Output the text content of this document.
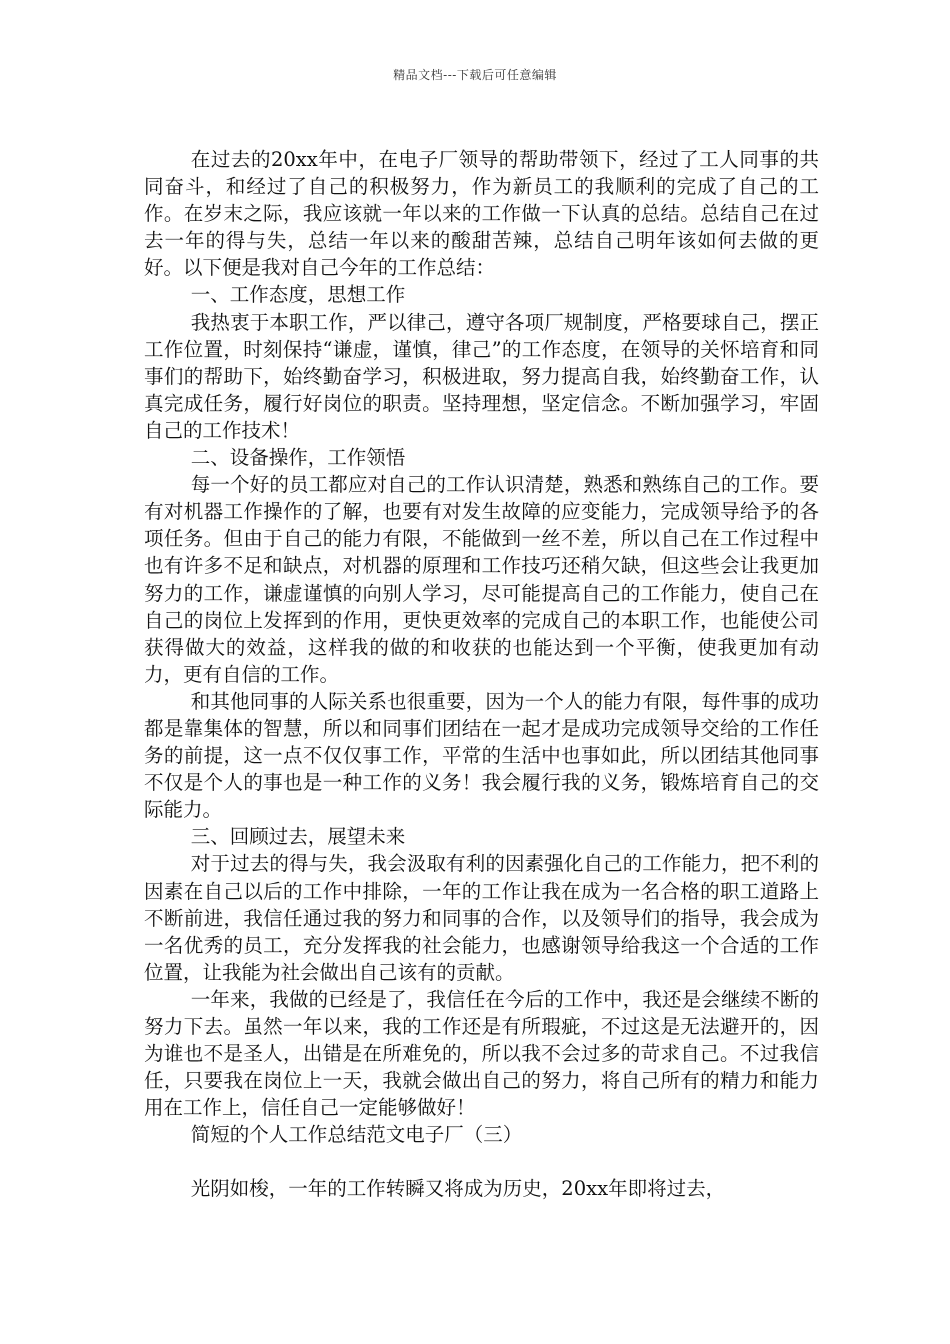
精品文档---下载后可任意编辑

在过去的20xx年中，在电子厂领导的帮助带领下，经过了工人同事的共同奋斗，和经过了自己的积极努力，作为新员工的我顺利的完成了自己的工作。在岁末之际，我应该就一年以来的工作做一下认真的总结。总结自己在过去一年的得与失，总结一年以来的酸甜苦辣，总结自己明年该如何去做的更好。以下便是我对自己今年的工作总结：

一、工作态度，思想工作

我热衷于本职工作，严以律己，遵守各项厂规制度，严格要球自己，摆正工作位置，时刻保持“谦虚，谨慎，律己”的工作态度，在领导的关怀培育和同事们的帮助下，始终勤奋学习，积极进取，努力提高自我，始终勤奋工作，认真完成任务，履行好岗位的职责。坚持理想，坚定信念。不断加强学习，牢固自己的工作技术！

二、设备操作，工作领悟

每一个好的员工都应对自己的工作认识清楚，熟悉和熟练自己的工作。要有对机器工作操作的了解，也要有对发生故障的应变能力，完成领导给予的各项任务。但由于自己的能力有限，不能做到一丝不差，所以自己在工作过程中也有许多不足和缺点，对机器的原理和工作技巧还稍欠缺，但这些会让我更加努力的工作，谦虚谨慎的向别人学习，尽可能提高自己的工作能力，使自己在自己的岗位上发挥到的作用，更快更效率的完成自己的本职工作，也能使公司获得做大的效益，这样我的做的和收获的也能达到一个平衡，使我更加有动力，更有自信的工作。

和其他同事的人际关系也很重要，因为一个人的能力有限，每件事的成功都是靠集体的智慧，所以和同事们团结在一起才是成功完成领导交给的工作任务的前提，这一点不仅仅事工作，平常的生活中也事如此，所以团结其他同事不仅是个人的事也是一种工作的义务！我会履行我的义务，锻炼培育自己的交际能力。

三、回顾过去，展望未来

对于过去的得与失，我会汲取有利的因素强化自己的工作能力，把不利的因素在自己以后的工作中排除，一年的工作让我在成为一名合格的职工道路上不断前进，我信任通过我的努力和同事的合作，以及领导们的指导，我会成为一名优秀的员工，充分发挥我的社会能力，也感谢领导给我这一个合适的工作位置，让我能为社会做出自己该有的贡献。

一年来，我做的已经是了，我信任在今后的工作中，我还是会继续不断的努力下去。虽然一年以来，我的工作还是有所瑕疵，不过这是无法避开的，因为谁也不是圣人，出错是在所难免的，所以我不会过多的苛求自己。不过我信任，只要我在岗位上一天，我就会做出自己的努力，将自己所有的精力和能力用在工作上，信任自己一定能够做好！

简短的个人工作总结范文电子厂（三）

光阴如梭，一年的工作转瞬又将成为历史，20xx年即将过去，
